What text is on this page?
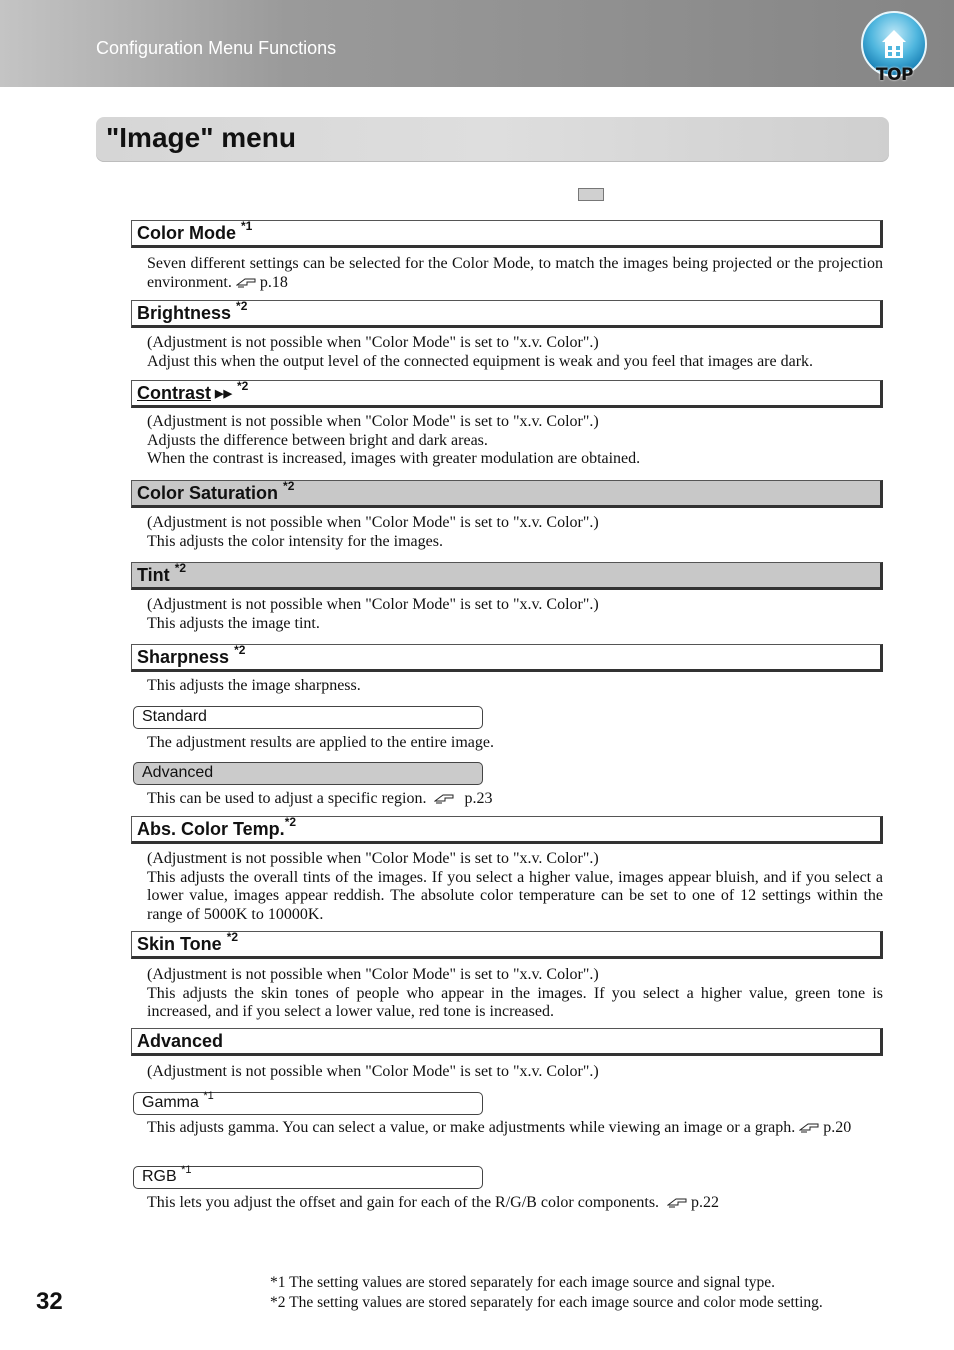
Configuration Menu Functions
TOP
"Image" menu
Color Mode $^{*1}$
Seven different settings can be selected for the Color Mode, to match the images being projected or the projection environment. p.18
Brightness $^{*2}$
(Adjustment is not possible when "Color Mode" is set to "x.v. Color".)
Adjust this when the output level of the connected equipment is weak and you feel that images are dark.
Contrast ▶▶ $^{*2}$
(Adjustment is not possible when "Color Mode" is set to "x.v. Color".)
Adjusts the difference between bright and dark areas.
When the contrast is increased, images with greater modulation are obtained.
Color Saturation $^{*2}$
(Adjustment is not possible when "Color Mode" is set to "x.v. Color".)
This adjusts the color intensity for the images.
Tint $^{*2}$
(Adjustment is not possible when "Color Mode" is set to "x.v. Color".)
This adjusts the image tint.
Sharpness $^{*2}$
This adjusts the image sharpness.
Standard
The adjustment results are applied to the entire image.
Advanced
This can be used to adjust a specific region. p.23
Abs. Color Temp.$^{*2}$
(Adjustment is not possible when "Color Mode" is set to "x.v. Color".)
This adjusts the overall tints of the images. If you select a higher value, images appear bluish, and if you select a lower value, images appear reddish. The absolute color temperature can be set to one of 12 settings within the range of 5000K to 10000K.
Skin Tone $^{*2}$
(Adjustment is not possible when "Color Mode" is set to "x.v. Color".)
This adjusts the skin tones of people who appear in the images. If you select a higher value, green tone is increased, and if you select a lower value, red tone is increased.
Advanced
(Adjustment is not possible when "Color Mode" is set to "x.v. Color".)
Gamma $^{*1}$
This adjusts gamma. You can select a value, or make adjustments while viewing an image or a graph. p.20
RGB $^{*1}$
This lets you adjust the offset and gain for each of the R/G/B color components. p.22
32
*1 The setting values are stored separately for each image source and signal type.
*2 The setting values are stored separately for each image source and color mode setting.
